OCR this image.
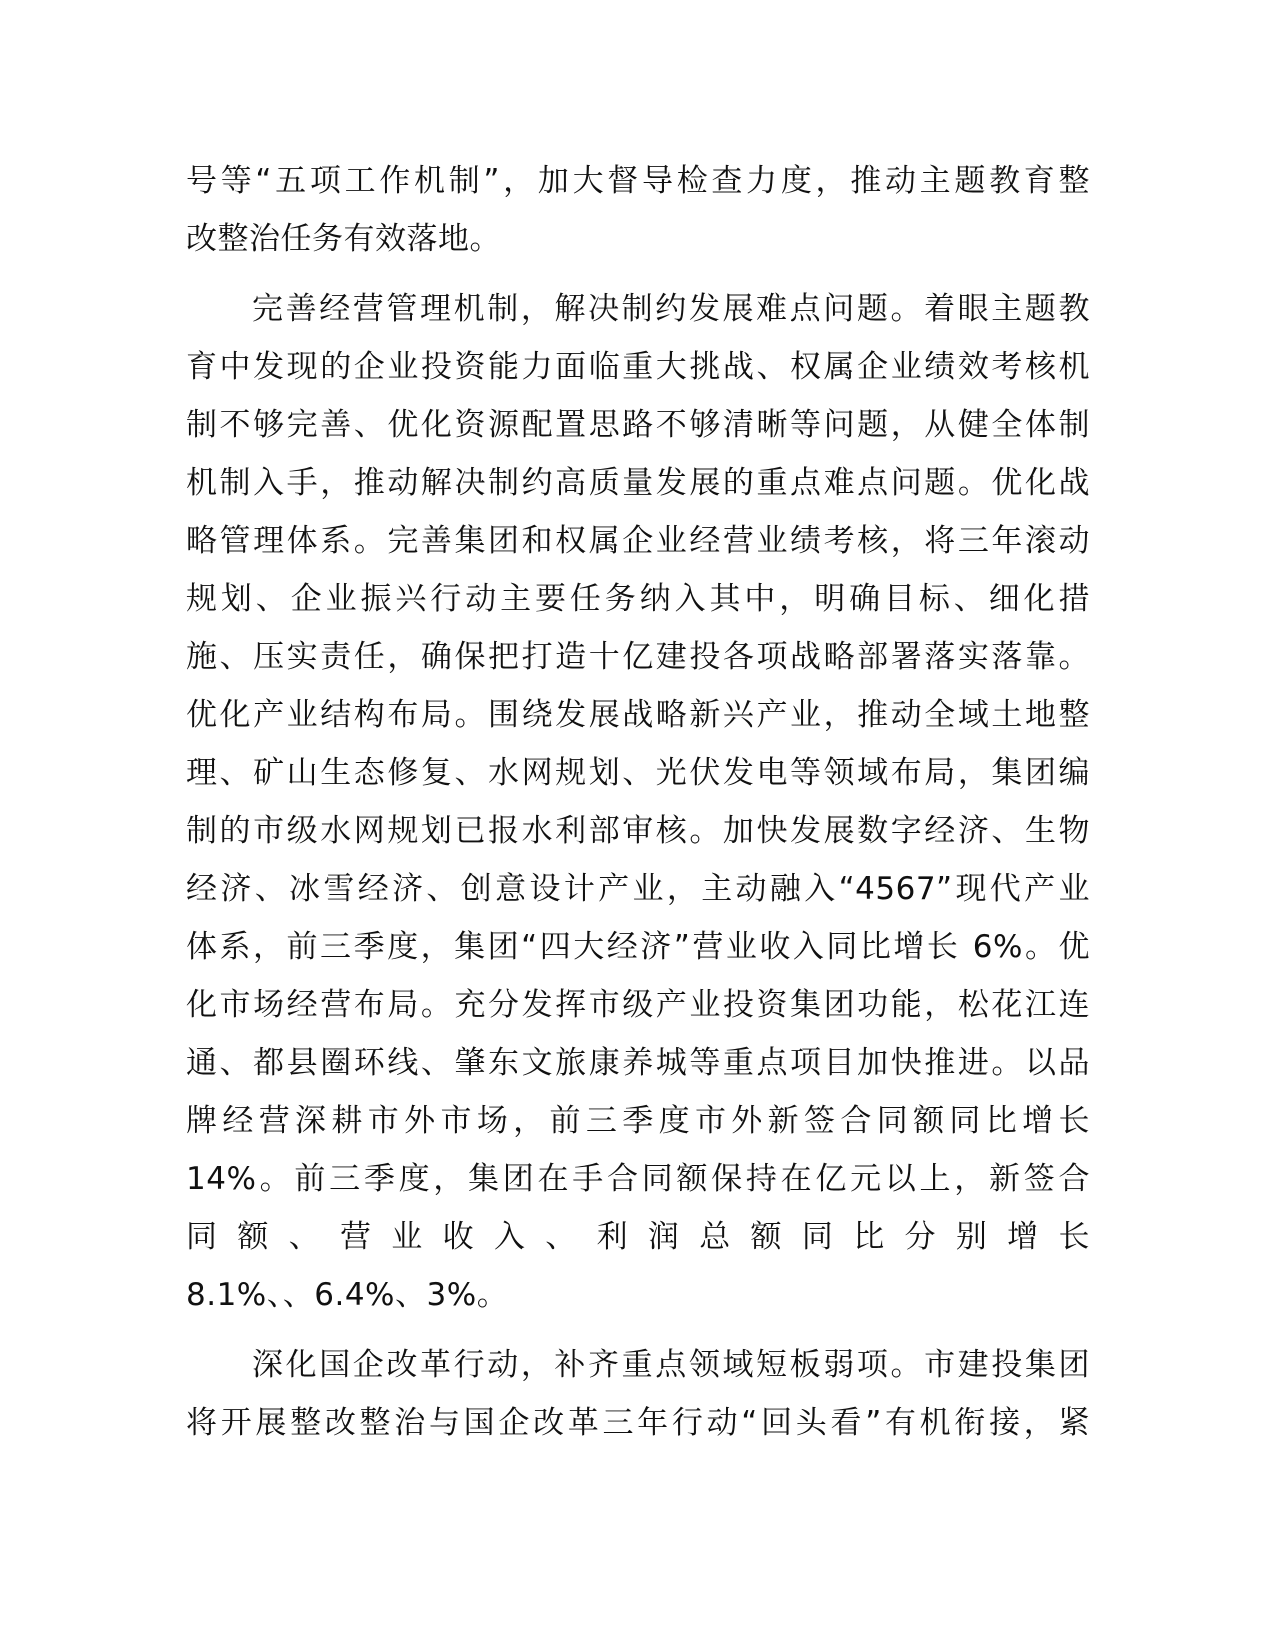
号等“五项工作机制”，加大督导检查力度，推动主题教育整
改整治任务有效落地。

完善经营管理机制，解决制约发展难点问题。着眼主题教
育中发现的企业投资能力面临重大挑战、权属企业绩效考核机
制不够完善、优化资源配置思路不够清晰等问题，从健全体制
机制入手，推动解决制约高质量发展的重点难点问题。优化战
略管理体系。完善集团和权属企业经营业绩考核，将三年滚动
规划、企业振兴行动主要任务纳入其中，明确目标、细化措
施、压实责任，确保把打造十亿建投各项战略部署落实落靠。
优化产业结构布局。围绕发展战略新兴产业，推动全域土地整
理、矿山生态修复、水网规划、光伏发电等领域布局，集团编
制的市级水网规划已报水利部审核。加快发展数字经济、生物
经济、冰雪经济、创意设计产业，主动融入“4567”现代产业
体系，前三季度，集团“四大经济”营业收入同比增长 6%。优
化市场经营布局。充分发挥市级产业投资集团功能，松花江连
通、都县圈环线、肇东文旅康养城等重点项目加快推进。以品
牌经营深耕市外市场，前三季度市外新签合同额同比增长
14%。前三季度，集团在手合同额保持在亿元以上，新签合
同额、营业收入、利润总额同比分别增长
8.1%、、6.4%、3%。

深化国企改革行动，补齐重点领域短板弱项。市建投集团
将开展整改整治与国企改革三年行动“回头看”有机衔接，紧
